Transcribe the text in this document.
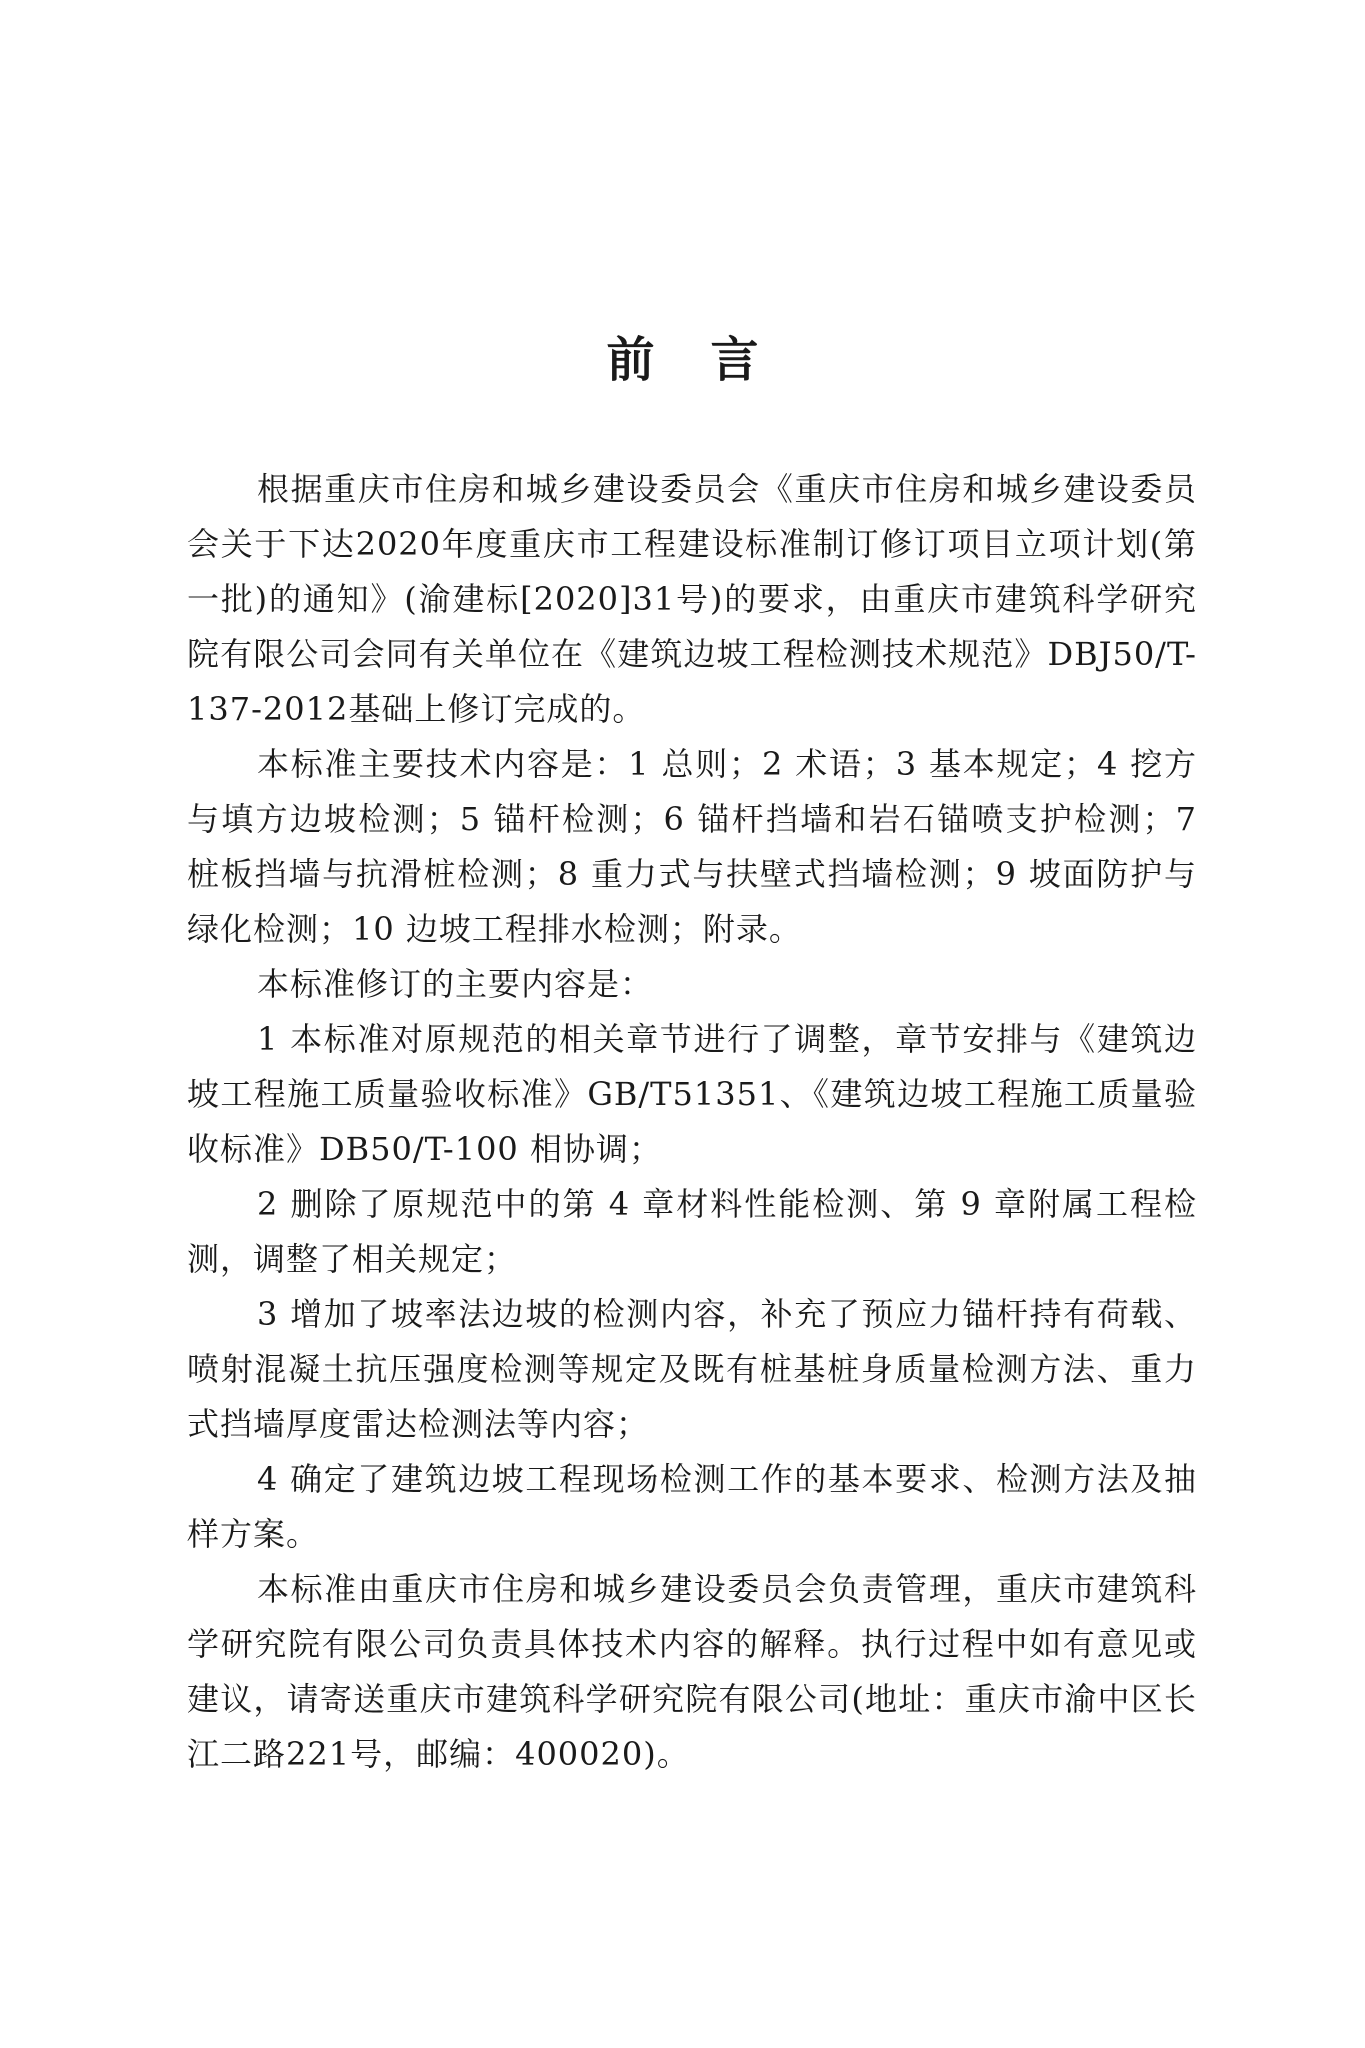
前言

根据重庆市住房和城乡建设委员会《重庆市住房和城乡建设委员会关于下达2020年度重庆市工程建设标准制订修订项目立项计划(第一批)的通知》(渝建标[2020]31号)的要求，由重庆市建筑科学研究院有限公司会同有关单位在《建筑边坡工程检测技术规范》DBJ50/T-137-2012基础上修订完成的。

本标准主要技术内容是：1 总则；2 术语；3 基本规定；4 挖方与填方边坡检测；5 锚杆检测；6 锚杆挡墙和岩石锚喷支护检测；7 桩板挡墙与抗滑桩检测；8 重力式与扶壁式挡墙检测；9 坡面防护与绿化检测；10 边坡工程排水检测；附录。

本标准修订的主要内容是：

1 本标准对原规范的相关章节进行了调整，章节安排与《建筑边坡工程施工质量验收标准》GB/T51351、《建筑边坡工程施工质量验收标准》DB50/T-100 相协调；

2 删除了原规范中的第 4 章材料性能检测、第 9 章附属工程检测，调整了相关规定；

3 增加了坡率法边坡的检测内容，补充了预应力锚杆持有荷载、喷射混凝土抗压强度检测等规定及既有桩基桩身质量检测方法、重力式挡墙厚度雷达检测法等内容；

4 确定了建筑边坡工程现场检测工作的基本要求、检测方法及抽样方案。

本标准由重庆市住房和城乡建设委员会负责管理，重庆市建筑科学研究院有限公司负责具体技术内容的解释。执行过程中如有意见或建议，请寄送重庆市建筑科学研究院有限公司(地址：重庆市渝中区长江二路221号，邮编：400020)。
